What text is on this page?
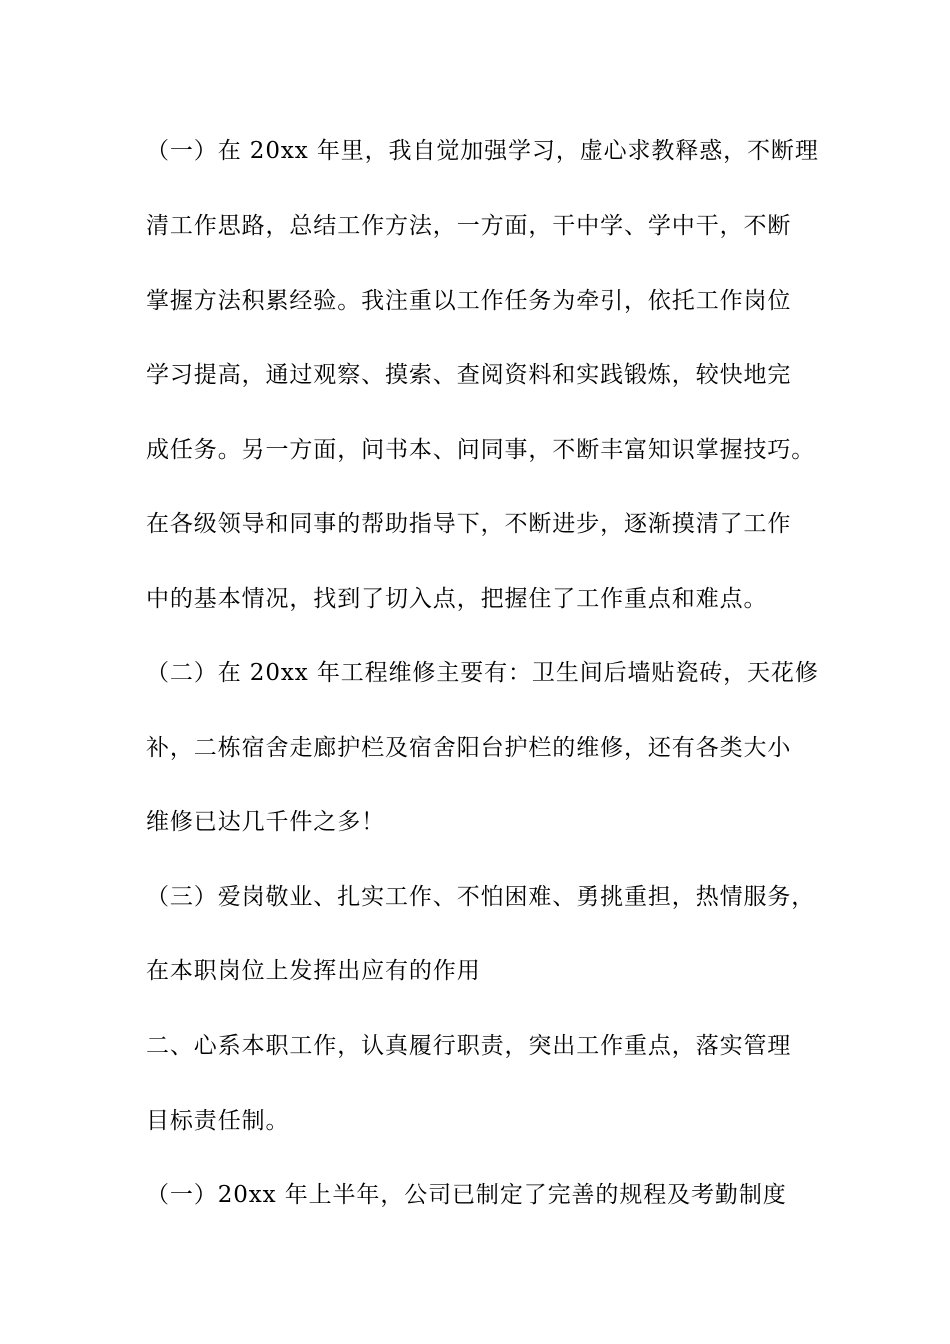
（一）在 20xx 年里，我自觉加强学习，虚心求教释惑，不断理
清工作思路，总结工作方法，一方面，干中学、学中干，不断
掌握方法积累经验。我注重以工作任务为牵引，依托工作岗位
学习提高，通过观察、摸索、查阅资料和实践锻炼，较快地完
成任务。另一方面，问书本、问同事，不断丰富知识掌握技巧。
在各级领导和同事的帮助指导下，不断进步，逐渐摸清了工作
中的基本情况，找到了切入点，把握住了工作重点和难点。
（二）在 20xx 年工程维修主要有：卫生间后墙贴瓷砖，天花修
补，二栋宿舍走廊护栏及宿舍阳台护栏的维修，还有各类大小
维修已达几千件之多！
（三）爱岗敬业、扎实工作、不怕困难、勇挑重担，热情服务，
在本职岗位上发挥出应有的作用
二、心系本职工作，认真履行职责，突出工作重点，落实管理
目标责任制。
（一）20xx 年上半年，公司已制定了完善的规程及考勤制度
